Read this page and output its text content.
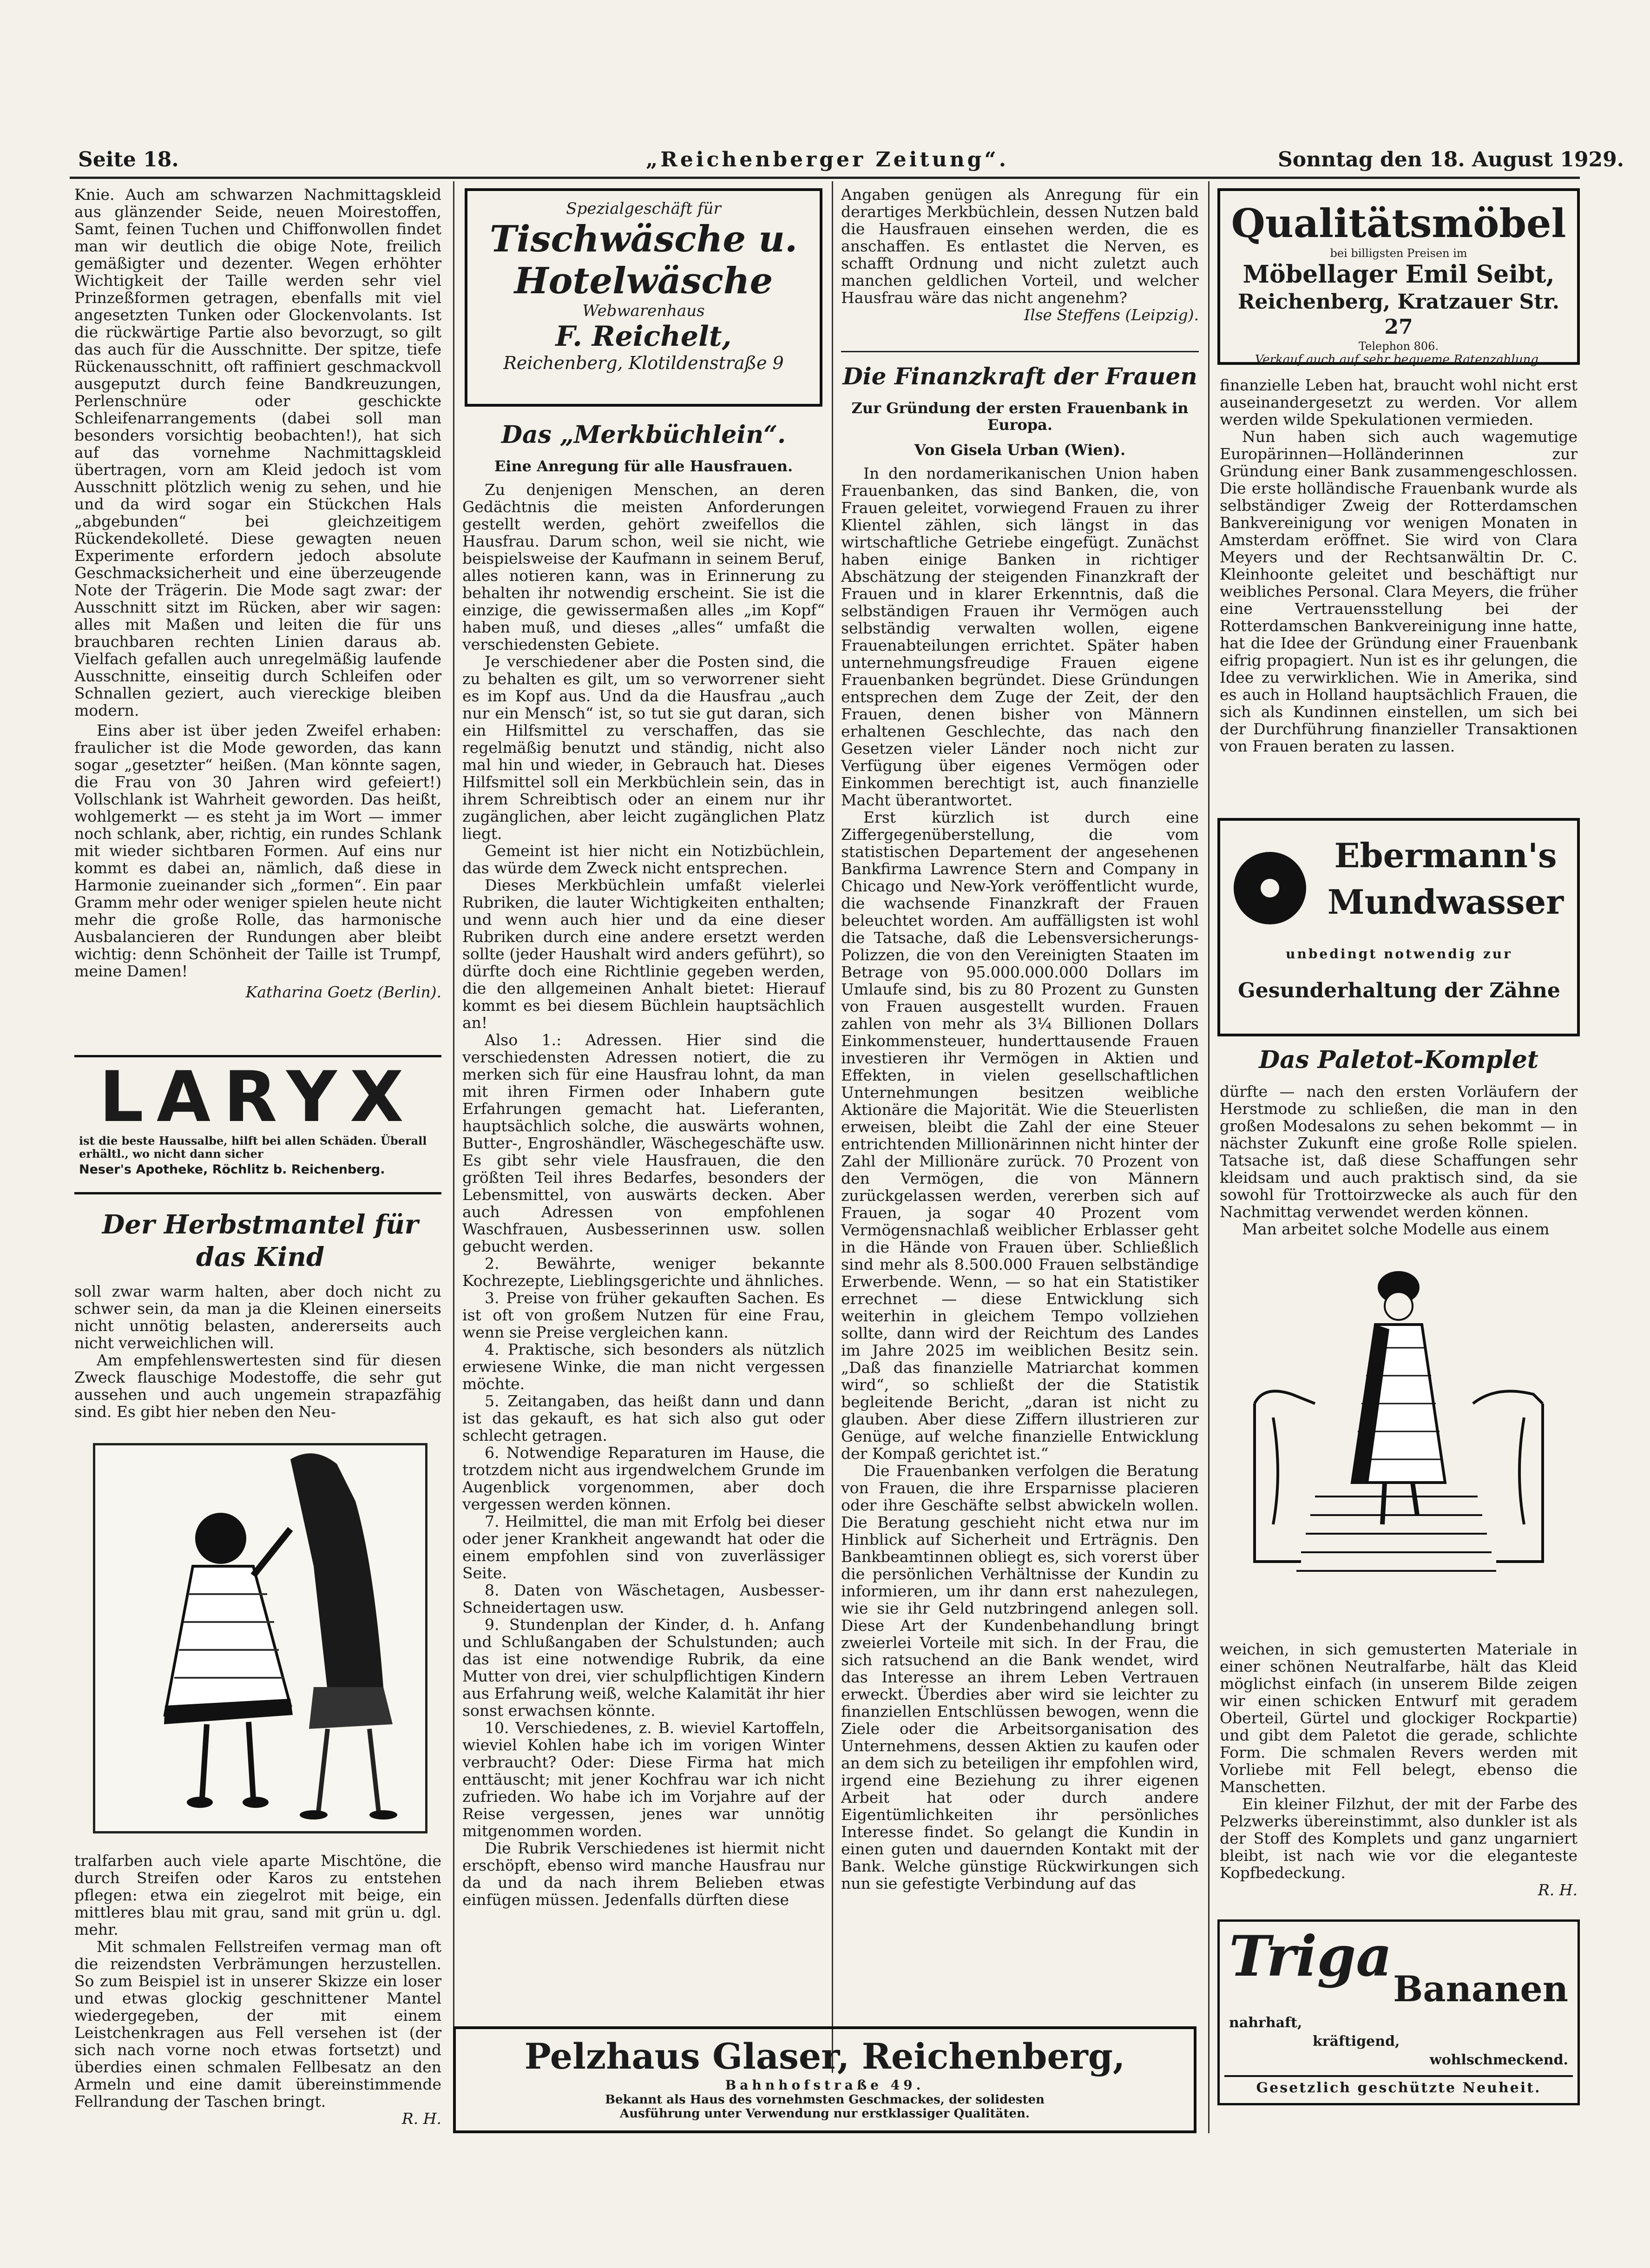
Seite 18.	„Reichenberger Zeitung“.	Sonntag den 18. August 1929.

Knie. Auch am schwarzen Nachmittagskleid aus glänzender Seide, neuen Moirestoffen, Samt, feinen Tuchen und Chiffonwollen findet man wir deutlich die obige Note, freilich gemäßigter und dezenter. Wegen erhöhter Wichtigkeit der Taille werden sehr viel Prinzeßformen getragen, ebenfalls mit viel angesetzten Tunken oder Glockenvolants. Ist die rückwärtige Partie also bevorzugt, so gilt das auch für die Ausschnitte. Der spitze, tiefe Rückenausschnitt, oft raffiniert geschmackvoll ausgeputzt durch feine Bandkreuzungen, Perlenschnüre oder geschickte Schleifenarrangements (dabei soll man besonders vorsichtig beobachten!), hat sich auf das vornehme Nachmittagskleid übertragen, vorn am Kleid jedoch ist vom Ausschnitt plötzlich wenig zu sehen, und hie und da wird sogar ein Stückchen Hals „abgebunden“ bei gleichzeitigem Rückendekolleté. Diese gewagten neuen Experimente erfordern jedoch absolute Geschmacksicherheit und eine überzeugende Note der Trägerin. Die Mode sagt zwar: der Ausschnitt sitzt im Rücken, aber wir sagen: alles mit Maßen und leiten die für uns brauchbaren rechten Linien daraus ab. Vielfach gefallen auch unregelmäßig laufende Ausschnitte, einseitig durch Schleifen oder Schnallen geziert, auch viereckige bleiben modern.

Eins aber ist über jeden Zweifel erhaben: fraulicher ist die Mode geworden, das kann sogar „gesetzter“ heißen. (Man könnte sagen, die Frau von 30 Jahren wird gefeiert!) Vollschlank ist Wahrheit geworden. Das heißt, wohlgemerkt — es steht ja im Wort — immer noch schlank, aber, richtig, ein rundes Schlank mit wieder sichtbaren Formen. Auf eins nur kommt es dabei an, nämlich, daß diese in Harmonie zueinander sich „formen“. Ein paar Gramm mehr oder weniger spielen heute nicht mehr die große Rolle, das harmonische Ausbalancieren der Rundungen aber bleibt wichtig: denn Schönheit der Taille ist Trumpf, meine Damen!

Katharina Goetz (Berlin).
LARYX
ist die beste Haussalbe, hilft bei allen Schäden. Überall erhältl., wo nicht dann sicher
Neser's Apotheke, Röchlitz b. Reichenberg.
Der Herbstmantel für das Kind

soll zwar warm halten, aber doch nicht zu schwer sein, da man ja die Kleinen einerseits nicht unnötig belasten, andererseits auch nicht verweichlichen will.

Am empfehlenswertesten sind für diesen Zweck flauschige Modestoffe, die sehr gut aussehen und auch ungemein strapazfähig sind. Es gibt hier neben den Neu-

tralfarben auch viele aparte Mischtöne, die durch Streifen oder Karos zu entstehen pflegen: etwa ein ziegelrot mit beige, ein mittleres blau mit grau, sand mit grün u. dgl. mehr.

Mit schmalen Fellstreifen vermag man oft die reizendsten Verbrämungen herzustellen. So zum Beispiel ist in unserer Skizze ein loser und etwas glockig geschnittener Mantel wiedergegeben, der mit einem Leistchenkragen aus Fell versehen ist (der sich nach vorne noch etwas fortsetzt) und überdies einen schmalen Fellbesatz an den Armeln und eine damit übereinstimmende Fellrandung der Taschen bringt.

R. H.
Spezialgeschäft für
Tischwäsche u.
Hotelwäsche
Webwarenhaus
F. Reichelt,
Reichenberg, Klotildenstraße 9
Das „Merkbüchlein“.
Eine Anregung für alle Hausfrauen.

Zu denjenigen Menschen, an deren Gedächtnis die meisten Anforderungen gestellt werden, gehört zweifellos die Hausfrau. Darum schon, weil sie nicht, wie beispielsweise der Kaufmann in seinem Beruf, alles notieren kann, was in Erinnerung zu behalten ihr notwendig erscheint. Sie ist die einzige, die gewissermaßen alles „im Kopf“ haben muß, und dieses „alles“ umfaßt die verschiedensten Gebiete.

Je verschiedener aber die Posten sind, die zu behalten es gilt, um so verworrener sieht es im Kopf aus. Und da die Hausfrau „auch nur ein Mensch“ ist, so tut sie gut daran, sich ein Hilfsmittel zu verschaffen, das sie regelmäßig benutzt und ständig, nicht also mal hin und wieder, in Gebrauch hat. Dieses Hilfsmittel soll ein Merkbüchlein sein, das in ihrem Schreibtisch oder an einem nur ihr zugänglichen, aber leicht zugänglichen Platz liegt.

Gemeint ist hier nicht ein Notizbüchlein, das würde dem Zweck nicht entsprechen.

Dieses Merkbüchlein umfaßt vielerlei Rubriken, die lauter Wichtigkeiten enthalten; und wenn auch hier und da eine dieser Rubriken durch eine andere ersetzt werden sollte (jeder Haushalt wird anders geführt), so dürfte doch eine Richtlinie gegeben werden, die den allgemeinen Anhalt bietet: Hierauf kommt es bei diesem Büchlein hauptsächlich an!

Also 1.: Adressen. Hier sind die verschiedensten Adressen notiert, die zu merken sich für eine Hausfrau lohnt, da man mit ihren Firmen oder Inhabern gute Erfahrungen gemacht hat. Lieferanten, hauptsächlich solche, die auswärts wohnen, Butter-, Engroshändler, Wäschegeschäfte usw. Es gibt sehr viele Hausfrauen, die den größten Teil ihres Bedarfes, besonders der Lebensmittel, von auswärts decken. Aber auch Adressen von empfohlenen Waschfrauen, Ausbesserinnen usw. sollen gebucht werden.

2. Bewährte, weniger bekannte Kochrezepte, Lieblingsgerichte und ähnliches.

3. Preise von früher gekauften Sachen. Es ist oft von großem Nutzen für eine Frau, wenn sie Preise vergleichen kann.

4. Praktische, sich besonders als nützlich erwiesene Winke, die man nicht vergessen möchte.

5. Zeitangaben, das heißt dann und dann ist das gekauft, es hat sich also gut oder schlecht getragen.

6. Notwendige Reparaturen im Hause, die trotzdem nicht aus irgendwelchem Grunde im Augenblick vorgenommen, aber doch vergessen werden können.

7. Heilmittel, die man mit Erfolg bei dieser oder jener Krankheit angewandt hat oder die einem empfohlen sind von zuverlässiger Seite.

8. Daten von Wäschetagen, Ausbesser-Schneidertagen usw.

9. Stundenplan der Kinder, d. h. Anfang und Schlußangaben der Schulstunden; auch das ist eine notwendige Rubrik, da eine Mutter von drei, vier schulpflichtigen Kindern aus Erfahrung weiß, welche Kalamität ihr hier sonst erwachsen könnte.

10. Verschiedenes, z. B. wieviel Kartoffeln, wieviel Kohlen habe ich im vorigen Winter verbraucht? Oder: Diese Firma hat mich enttäuscht; mit jener Kochfrau war ich nicht zufrieden. Wo habe ich im Vorjahre auf der Reise vergessen, jenes war unnötig mitgenommen worden.

Die Rubrik Verschiedenes ist hiermit nicht erschöpft, ebenso wird manche Hausfrau nur da und da nach ihrem Belieben etwas einfügen müssen. Jedenfalls dürften diese

Angaben genügen als Anregung für ein derartiges Merkbüchlein, dessen Nutzen bald die Hausfrauen einsehen werden, die es anschaffen. Es entlastet die Nerven, es schafft Ordnung und nicht zuletzt auch manchen geldlichen Vorteil, und welcher Hausfrau wäre das nicht angenehm?

Ilse Steffens (Leipzig).
Die Finanzkraft der Frauen
Zur Gründung der ersten Frauenbank in Europa.
Von Gisela Urban (Wien).

In den nordamerikanischen Union haben Frauenbanken, das sind Banken, die, von Frauen geleitet, vorwiegend Frauen zu ihrer Klientel zählen, sich längst in das wirtschaftliche Getriebe eingefügt. Zunächst haben einige Banken in richtiger Abschätzung der steigenden Finanzkraft der Frauen und in klarer Erkenntnis, daß die selbständigen Frauen ihr Vermögen auch selbständig verwalten wollen, eigene Frauenabteilungen errichtet. Später haben unternehmungsfreudige Frauen eigene Frauenbanken begründet. Diese Gründungen entsprechen dem Zuge der Zeit, der den Frauen, denen bisher von Männern erhaltenen Geschlechte, das nach den Gesetzen vieler Länder noch nicht zur Verfügung über eigenes Vermögen oder Einkommen berechtigt ist, auch finanzielle Macht überantwortet.

Erst kürzlich ist durch eine Ziffergegenüberstellung, die vom statistischen Departement der angesehenen Bankfirma Lawrence Stern and Company in Chicago und New-York veröffentlicht wurde, die wachsende Finanzkraft der Frauen beleuchtet worden. Am auffälligsten ist wohl die Tatsache, daß die Lebensversicherungs-Polizzen, die von den Vereinigten Staaten im Betrage von 95.000.000.000 Dollars im Umlaufe sind, bis zu 80 Prozent zu Gunsten von Frauen ausgestellt wurden. Frauen zahlen von mehr als 3¼ Billionen Dollars Einkommensteuer, hunderttausende Frauen investieren ihr Vermögen in Aktien und Effekten, in vielen gesellschaftlichen Unternehmungen besitzen weibliche Aktionäre die Majorität. Wie die Steuerlisten erweisen, bleibt die Zahl der eine Steuer entrichtenden Millionärinnen nicht hinter der Zahl der Millionäre zurück. 70 Prozent von den Vermögen, die von Männern zurückgelassen werden, vererben sich auf Frauen, ja sogar 40 Prozent vom Vermögensnachlaß weiblicher Erblasser geht in die Hände von Frauen über. Schließlich sind mehr als 8.500.000 Frauen selbständige Erwerbende. Wenn, — so hat ein Statistiker errechnet — diese Entwicklung sich weiterhin in gleichem Tempo vollziehen sollte, dann wird der Reichtum des Landes im Jahre 2025 im weiblichen Besitz sein. „Daß das finanzielle Matriarchat kommen wird“, so schließt der die Statistik begleitende Bericht, „daran ist nicht zu glauben. Aber diese Ziffern illustrieren zur Genüge, auf welche finanzielle Entwicklung der Kompaß gerichtet ist.“

Die Frauenbanken verfolgen die Beratung von Frauen, die ihre Ersparnisse placieren oder ihre Geschäfte selbst abwickeln wollen. Die Beratung geschieht nicht etwa nur im Hinblick auf Sicherheit und Erträgnis. Den Bankbeamtinnen obliegt es, sich vorerst über die persönlichen Verhältnisse der Kundin zu informieren, um ihr dann erst nahezulegen, wie sie ihr Geld nutzbringend anlegen soll. Diese Art der Kundenbehandlung bringt zweierlei Vorteile mit sich. In der Frau, die sich ratsuchend an die Bank wendet, wird das Interesse an ihrem Leben Vertrauen erweckt. Überdies aber wird sie leichter zu finanziellen Entschlüssen bewogen, wenn die Ziele oder die Arbeitsorganisation des Unternehmens, dessen Aktien zu kaufen oder an dem sich zu beteiligen ihr empfohlen wird, irgend eine Beziehung zu ihrer eigenen Arbeit hat oder durch andere Eigentümlichkeiten ihr persönliches Interesse findet. So gelangt die Kundin in einen guten und dauernden Kontakt mit der Bank. Welche günstige Rückwirkungen sich nun sie gefestigte Verbindung auf das

Pelzhaus Glaser, Reichenberg,
Bahnhofstraße 49.
Bekannt als Haus des vornehmsten Geschmackes, der solidesten
Ausführung unter Verwendung nur erstklassiger Qualitäten.
Qualitätsmöbel
bei billigsten Preisen im
Möbellager Emil Seibt,
Reichenberg, Kratzauer Str. 27
Telephon 806.
Verkauf auch auf sehr bequeme Ratenzahlung.

finanzielle Leben hat, braucht wohl nicht erst auseinandergesetzt zu werden. Vor allem werden wilde Spekulationen vermieden.

Nun haben sich auch wagemutige Europärinnen—Holländerinnen zur Gründung einer Bank zusammengeschlossen. Die erste holländische Frauenbank wurde als selbständiger Zweig der Rotterdamschen Bankvereinigung vor wenigen Monaten in Amsterdam eröffnet. Sie wird von Clara Meyers und der Rechtsanwältin Dr. C. Kleinhoonte geleitet und beschäftigt nur weibliches Personal. Clara Meyers, die früher eine Vertrauensstellung bei der Rotterdamschen Bankvereinigung inne hatte, hat die Idee der Gründung einer Frauenbank eifrig propagiert. Nun ist es ihr gelungen, die Idee zu verwirklichen. Wie in Amerika, sind es auch in Holland hauptsächlich Frauen, die sich als Kundinnen einstellen, um sich bei der Durchführung finanzieller Transaktionen von Frauen beraten zu lassen.

Ebermann's
Mundwasser
unbedingt notwendig zur
Gesunderhaltung der Zähne
Das Paletot-Komplet

dürfte — nach den ersten Vorläufern der Herstmode zu schließen, die man in den großen Modesalons zu sehen bekommt — in nächster Zukunft eine große Rolle spielen. Tatsache ist, daß diese Schaffungen sehr kleidsam und auch praktisch sind, da sie sowohl für Trottoirzwecke als auch für den Nachmittag verwendet werden können.

Man arbeitet solche Modelle aus einem

weichen, in sich gemusterten Materiale in einer schönen Neutralfarbe, hält das Kleid möglichst einfach (in unserem Bilde zeigen wir einen schicken Entwurf mit geradem Oberteil, Gürtel und glockiger Rockpartie) und gibt dem Paletot die gerade, schlichte Form. Die schmalen Revers werden mit Vorliebe mit Fell belegt, ebenso die Manschetten.

Ein kleiner Filzhut, der mit der Farbe des Pelzwerks übereinstimmt, also dunkler ist als der Stoff des Komplets und ganz ungarniert bleibt, ist nach wie vor die eleganteste Kopfbedeckung.

R. H.
Triga Bananen
nahrhaft,
kräftigend,
wohlschmeckend.
Gesetzlich geschützte Neuheit.
